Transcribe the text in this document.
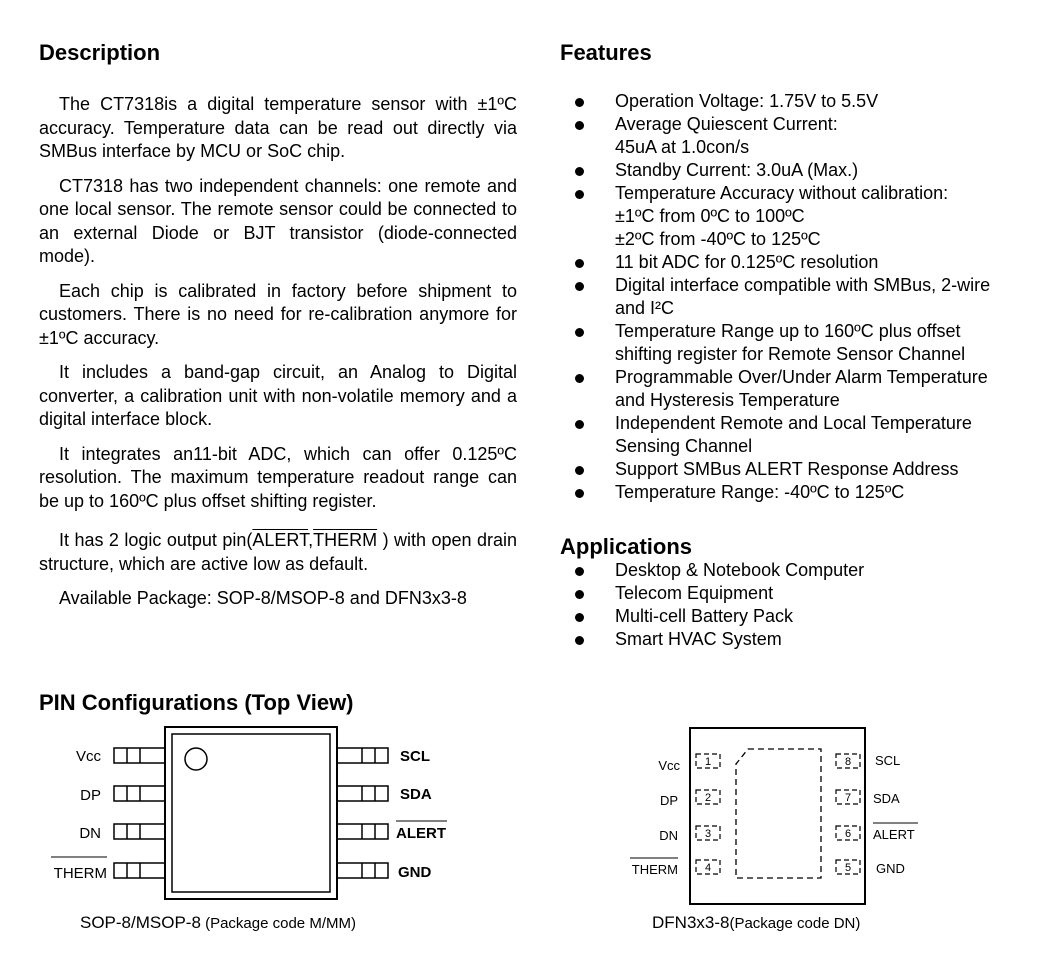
Description

The CT7318is a digital temperature sensor with ±1ºC accuracy. Temperature data can be read out directly via SMBus interface by MCU or SoC chip.

CT7318 has two independent channels: one remote and one local sensor. The remote sensor could be connected to an external Diode or BJT transistor (diode-connected mode).

Each chip is calibrated in factory before shipment to customers. There is no need for re-calibration anymore for ±1ºC accuracy.

It includes a band-gap circuit, an Analog to Digital converter, a calibration unit with non-volatile memory and a digital interface block.

It integrates an11-bit ADC, which can offer 0.125ºC resolution. The maximum temperature readout range can be up to 160ºC plus offset shifting register.

It has 2 logic output pin(ALERT,THERM ) with open drain structure, which are active low as default.

Available Package: SOP-8/MSOP-8 and DFN3x3-8

Features
Operation Voltage: 1.75V to 5.5V
Average Quiescent Current:
45uA at 1.0con/s
Standby Current: 3.0uA (Max.)
Temperature Accuracy without calibration:
±1ºC from 0ºC to 100ºC
±2ºC from -40ºC to 125ºC
11 bit ADC for 0.125ºC resolution
Digital interface compatible with SMBus, 2-wire
and I²C
Temperature Range up to 160ºC plus offset
shifting register for Remote Sensor Channel
Programmable Over/Under Alarm Temperature
and Hysteresis Temperature
Independent Remote and Local Temperature
Sensing Channel
Support SMBus ALERT Response Address
Temperature Range: -40ºC to 125ºC
Applications
Desktop & Notebook Computer
Telecom Equipment
Multi-cell Battery Pack
Smart HVAC System
PIN Configurations (Top View)
Vcc
DP
DN
THERM
SCL
SDA
ALERT
GND
SOP-8/MSOP-8 (Package code M/MM)
1
2
3
4
8
7
6
5
Vcc
DP
DN
THERM
SCL
SDA
ALERT
GND
DFN3x3-8(Package code DN)
